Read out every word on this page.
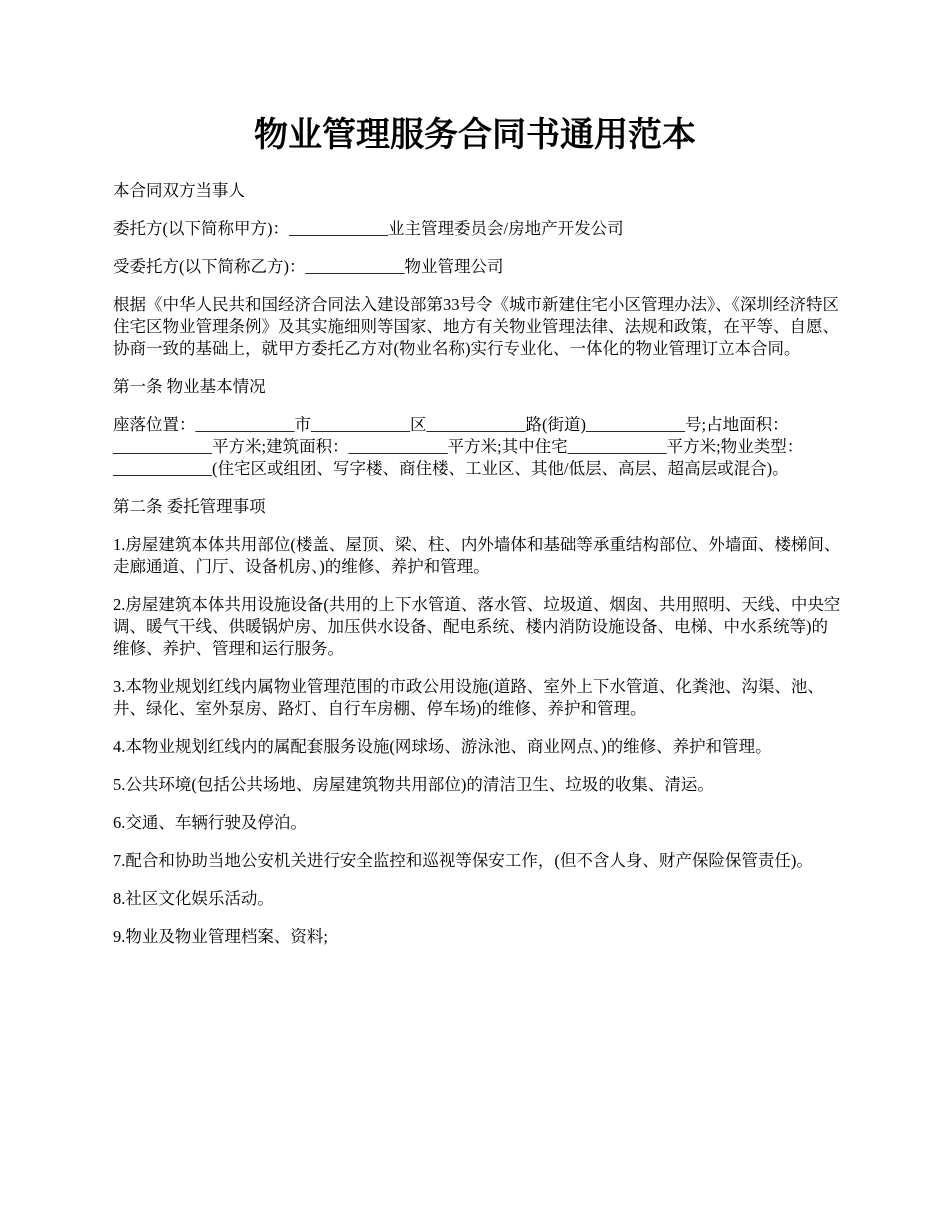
物业管理服务合同书通用范本

本合同双方当事人

委托方(以下简称甲方)：____________业主管理委员会/房地产开发公司

受委托方(以下简称乙方)：____________物业管理公司

根据《中华人民共和国经济合同法入建设部第33号令《城市新建住宅小区管理办法》、《深圳经济特区住宅区物业管理条例》及其实施细则等国家、地方有关物业管理法律、法规和政策，在平等、自愿、协商一致的基础上，就甲方委托乙方对(物业名称)实行专业化、一体化的物业管理订立本合同。

第一条 物业基本情况

座落位置：____________市____________区____________路(街道)____________号;占地面积：____________平方米;建筑面积：____________平方米;其中住宅____________平方米;物业类型：____________(住宅区或组团、写字楼、商住楼、工业区、其他/低层、高层、超高层或混合)。

第二条 委托管理事项

1.房屋建筑本体共用部位(楼盖、屋顶、梁、柱、内外墙体和基础等承重结构部位、外墙面、楼梯间、走廊通道、门厅、设备机房、)的维修、养护和管理。

2.房屋建筑本体共用设施设备(共用的上下水管道、落水管、垃圾道、烟囱、共用照明、天线、中央空调、暖气干线、供暖锅炉房、加压供水设备、配电系统、楼内消防设施设备、电梯、中水系统等)的维修、养护、管理和运行服务。

3.本物业规划红线内属物业管理范围的市政公用设施(道路、室外上下水管道、化粪池、沟渠、池、井、绿化、室外泵房、路灯、自行车房棚、停车场)的维修、养护和管理。

4.本物业规划红线内的属配套服务设施(网球场、游泳池、商业网点、)的维修、养护和管理。

5.公共环境(包括公共场地、房屋建筑物共用部位)的清洁卫生、垃圾的收集、清运。

6.交通、车辆行驶及停泊。

7.配合和协助当地公安机关进行安全监控和巡视等保安工作，(但不含人身、财产保险保管责任)。

8.社区文化娱乐活动。

9.物业及物业管理档案、资料;
